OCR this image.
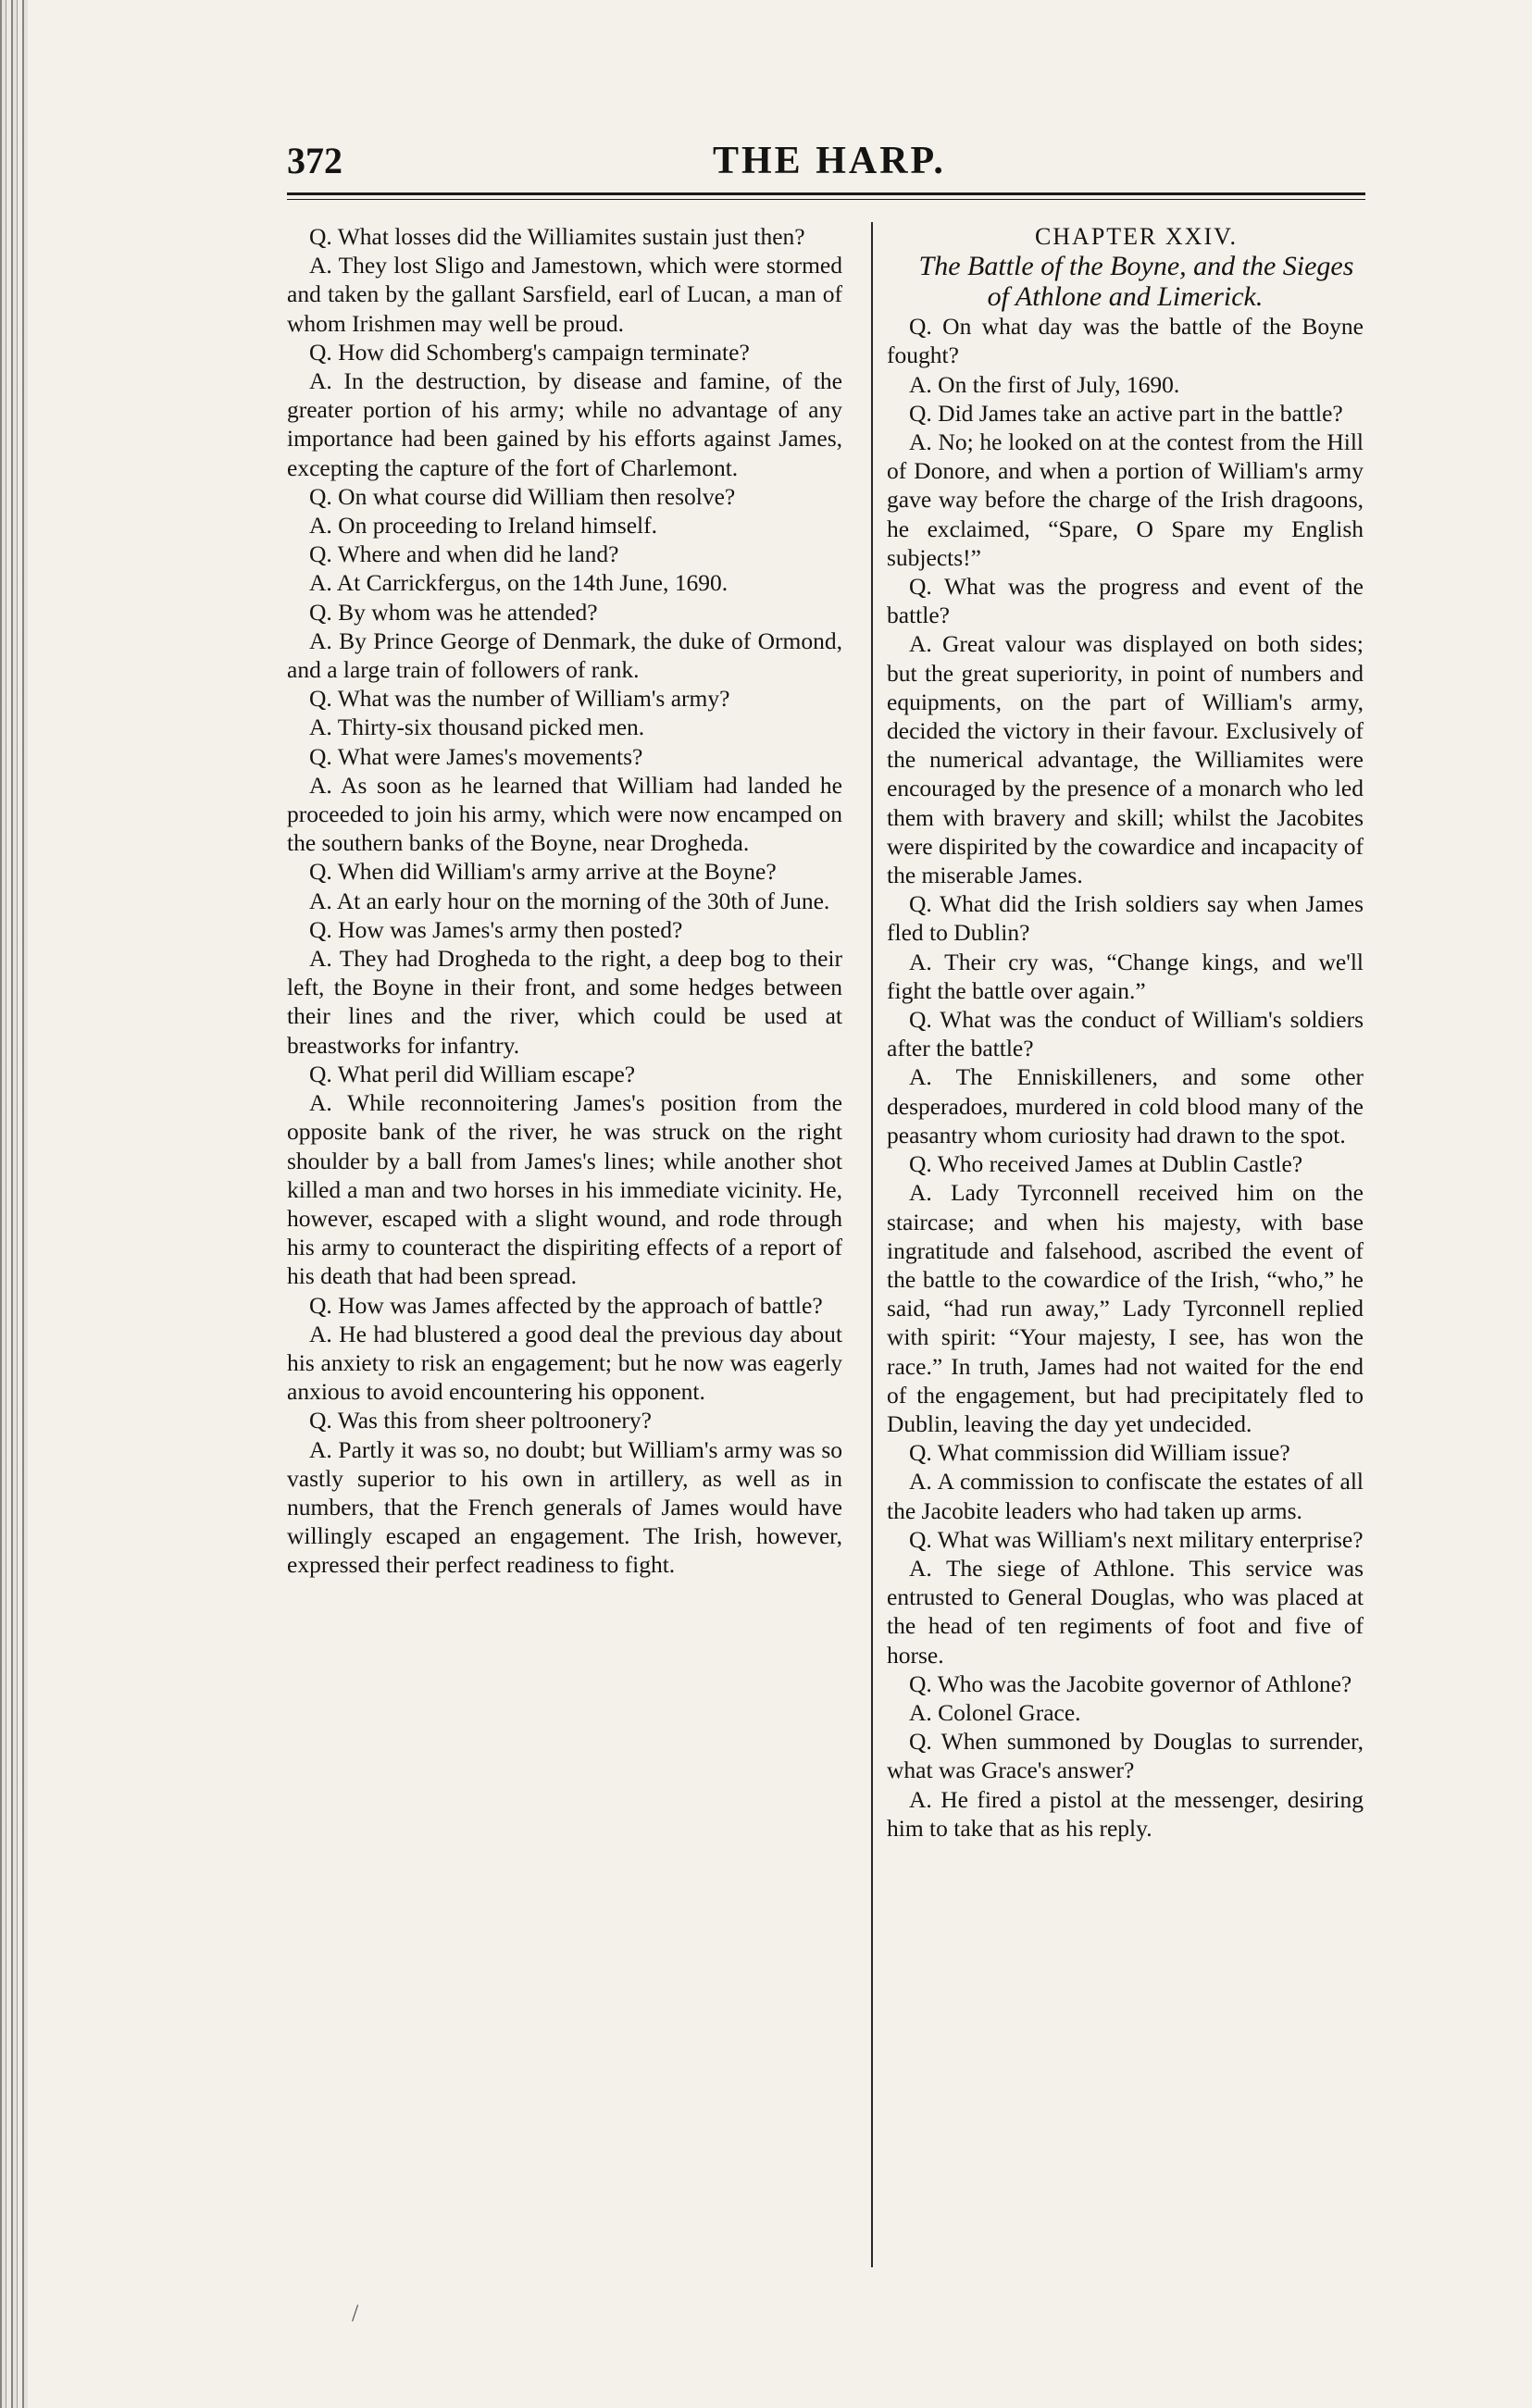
372	THE HARP.

Q. What losses did the Williamites sustain just then?

A. They lost Sligo and Jamestown, which were stormed and taken by the gallant Sarsfield, earl of Lucan, a man of whom Irishmen may well be proud.

Q. How did Schomberg's campaign terminate?

A. In the destruction, by disease and famine, of the greater portion of his army; while no advantage of any importance had been gained by his efforts against James, excepting the capture of the fort of Charlemont.

Q. On what course did William then resolve?

A. On proceeding to Ireland himself.

Q. Where and when did he land?

A. At Carrickfergus, on the 14th June, 1690.

Q. By whom was he attended?

A. By Prince George of Denmark, the duke of Ormond, and a large train of followers of rank.

Q. What was the number of William's army?

A. Thirty-six thousand picked men.

Q. What were James's movements?

A. As soon as he learned that William had landed he proceeded to join his army, which were now encamped on the southern banks of the Boyne, near Drogheda.

Q. When did William's army arrive at the Boyne?

A. At an early hour on the morning of the 30th of June.

Q. How was James's army then posted?

A. They had Drogheda to the right, a deep bog to their left, the Boyne in their front, and some hedges between their lines and the river, which could be used at breastworks for infantry.

Q. What peril did William escape?

A. While reconnoitering James's position from the opposite bank of the river, he was struck on the right shoulder by a ball from James's lines; while another shot killed a man and two horses in his immediate vicinity. He, however, escaped with a slight wound, and rode through his army to counteract the dispiriting effects of a report of his death that had been spread.

Q. How was James affected by the approach of battle?

A. He had blustered a good deal the previous day about his anxiety to risk an engagement; but he now was eagerly anxious to avoid encountering his opponent.

Q. Was this from sheer poltroonery?

A. Partly it was so, no doubt; but William's army was so vastly superior to his own in artillery, as well as in numbers, that the French generals of James would have willingly escaped an engagement. The Irish, however, expressed their perfect readiness to fight.

CHAPTER XXIV.

The Battle of the Boyne, and the Sieges of Athlone and Limerick.

Q. On what day was the battle of the Boyne fought?

A. On the first of July, 1690.

Q. Did James take an active part in the battle?

A. No; he looked on at the contest from the Hill of Donore, and when a portion of William's army gave way before the charge of the Irish dragoons, he exclaimed, “Spare, O Spare my English subjects!”

Q. What was the progress and event of the battle?

A. Great valour was displayed on both sides; but the great superiority, in point of numbers and equipments, on the part of William's army, decided the victory in their favour. Exclusively of the numerical advantage, the Williamites were encouraged by the presence of a monarch who led them with bravery and skill; whilst the Jacobites were dispirited by the cowardice and incapacity of the miserable James.

Q. What did the Irish soldiers say when James fled to Dublin?

A. Their cry was, “Change kings, and we'll fight the battle over again.”

Q. What was the conduct of William's soldiers after the battle?

A. The Enniskilleners, and some other desperadoes, murdered in cold blood many of the peasantry whom curiosity had drawn to the spot.

Q. Who received James at Dublin Castle?

A. Lady Tyrconnell received him on the staircase; and when his majesty, with base ingratitude and falsehood, ascribed the event of the battle to the cowardice of the Irish, “who,” he said, “had run away,” Lady Tyrconnell replied with spirit: “Your majesty, I see, has won the race.” In truth, James had not waited for the end of the engagement, but had precipitately fled to Dublin, leaving the day yet undecided.

Q. What commission did William issue?

A. A commission to confiscate the estates of all the Jacobite leaders who had taken up arms.

Q. What was William's next military enterprise?

A. The siege of Athlone. This service was entrusted to General Douglas, who was placed at the head of ten regiments of foot and five of horse.

Q. Who was the Jacobite governor of Athlone?

A. Colonel Grace.

Q. When summoned by Douglas to surrender, what was Grace's answer?

A. He fired a pistol at the messenger, desiring him to take that as his reply.

/
